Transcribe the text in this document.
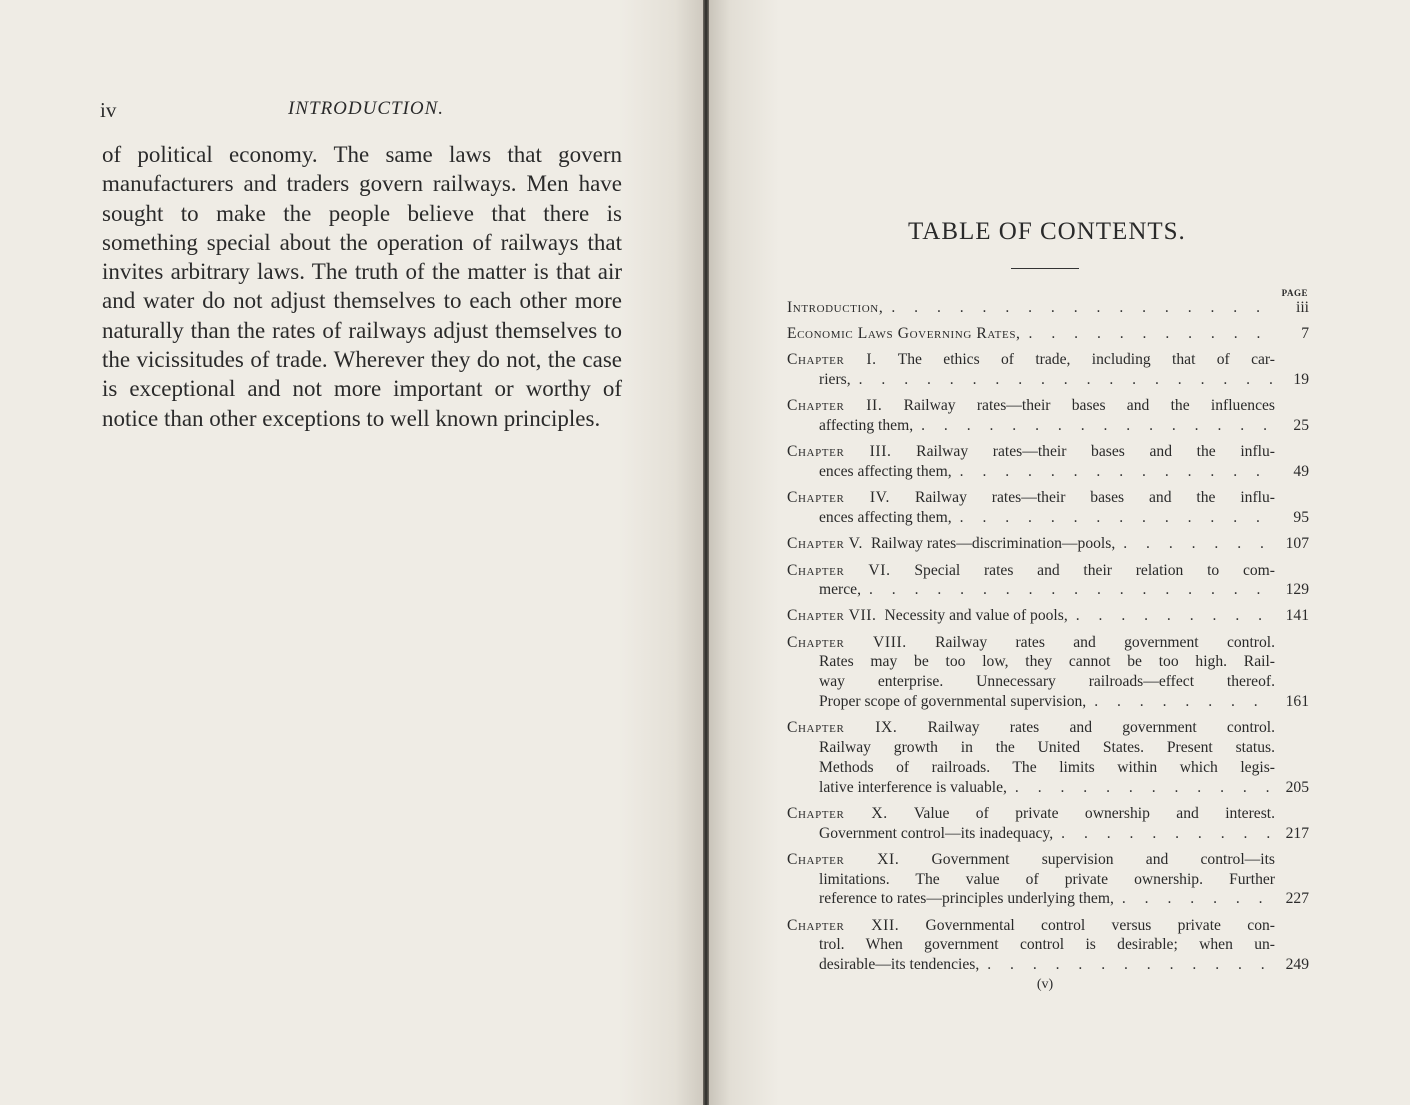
iv	INTRODUCTION.
of political economy. The same laws that govern manufacturers and traders govern railways. Men have sought to make the people believe that there is something special about the operation of railways that invites arbitrary laws. The truth of the matter is that air and water do not adjust themselves to each other more naturally than the rates of railways adjust themselves to the vicissitudes of trade. Wherever they do not, the case is exceptional and not more important or worthy of notice than other exceptions to well known principles.
TABLE OF CONTENTS.
PAGE
Introduction, . . .	iii
Economic Laws Governing Rates, . . .	7
Chapter I. The ethics of trade, including that of car-
riers, . . .	19
Chapter II. Railway rates—their bases and the influences
affecting them, . . .	25
Chapter III. Railway rates—their bases and the influ-
ences affecting them, . . .	49
Chapter IV. Railway rates—their bases and the influ-
ences affecting them, . . .	95
Chapter V. Railway rates—discrimination—pools, . . .	107
Chapter VI. Special rates and their relation to com-
merce, . . .	129
Chapter VII. Necessity and value of pools, . . .	141
Chapter VIII. Railway rates and government control.
Rates may be too low, they cannot be too high. Rail-
way enterprise. Unnecessary railroads—effect thereof.
Proper scope of governmental supervision, . . .	161
Chapter IX. Railway rates and government control.
Railway growth in the United States. Present status.
Methods of railroads. The limits within which legis-
lative interference is valuable, . . .	205
Chapter X. Value of private ownership and interest.
Government control—its inadequacy, . . .	217
Chapter XI. Government supervision and control—its
limitations. The value of private ownership. Further
reference to rates—principles underlying them, . . .	227
Chapter XII. Governmental control versus private con-
trol. When government control is desirable; when un-
desirable—its tendencies, . . .	249
(v)
